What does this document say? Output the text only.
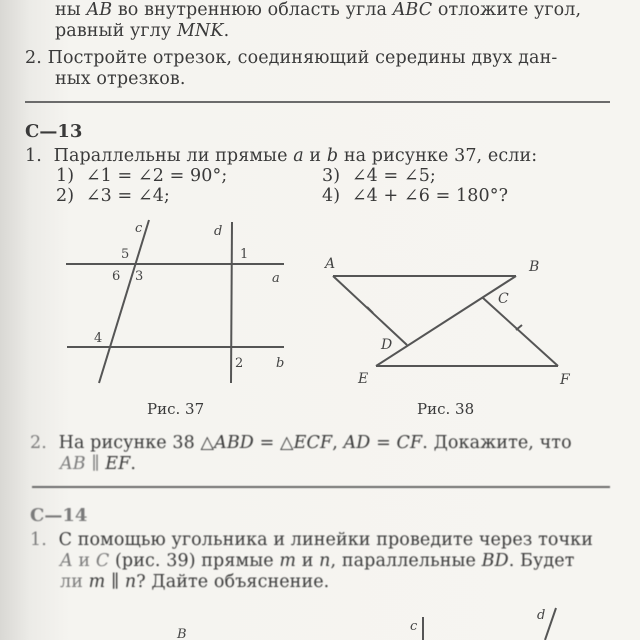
ны AB во внутреннюю область угла ABC отложите угол,
равный углу MNK.
2. Постройте отрезок, соединяющий середины двух дан-
ных отрезков.
С—13
1. Параллельны ли прямые a и b на рисунке 37, если:
1) ∠1 = ∠2 = 90°;	3) ∠4 = ∠5;
2) ∠3 = ∠4;	4) ∠4 + ∠6 = 180°?
c	d
5	1
6 3	a
4
2	b
Рис. 37
A	B
C
D
E	F
Рис. 38
2. На рисунке 38 △ABD = △ECF, AD = CF. Докажите, что
AB ∥ EF.
С—14
1. С помощью угольника и линейки проведите через точки
A и C (рис. 39) прямые m и n, параллельные BD. Будет
ли m ∥ n? Дайте объяснение.
B
c
d
